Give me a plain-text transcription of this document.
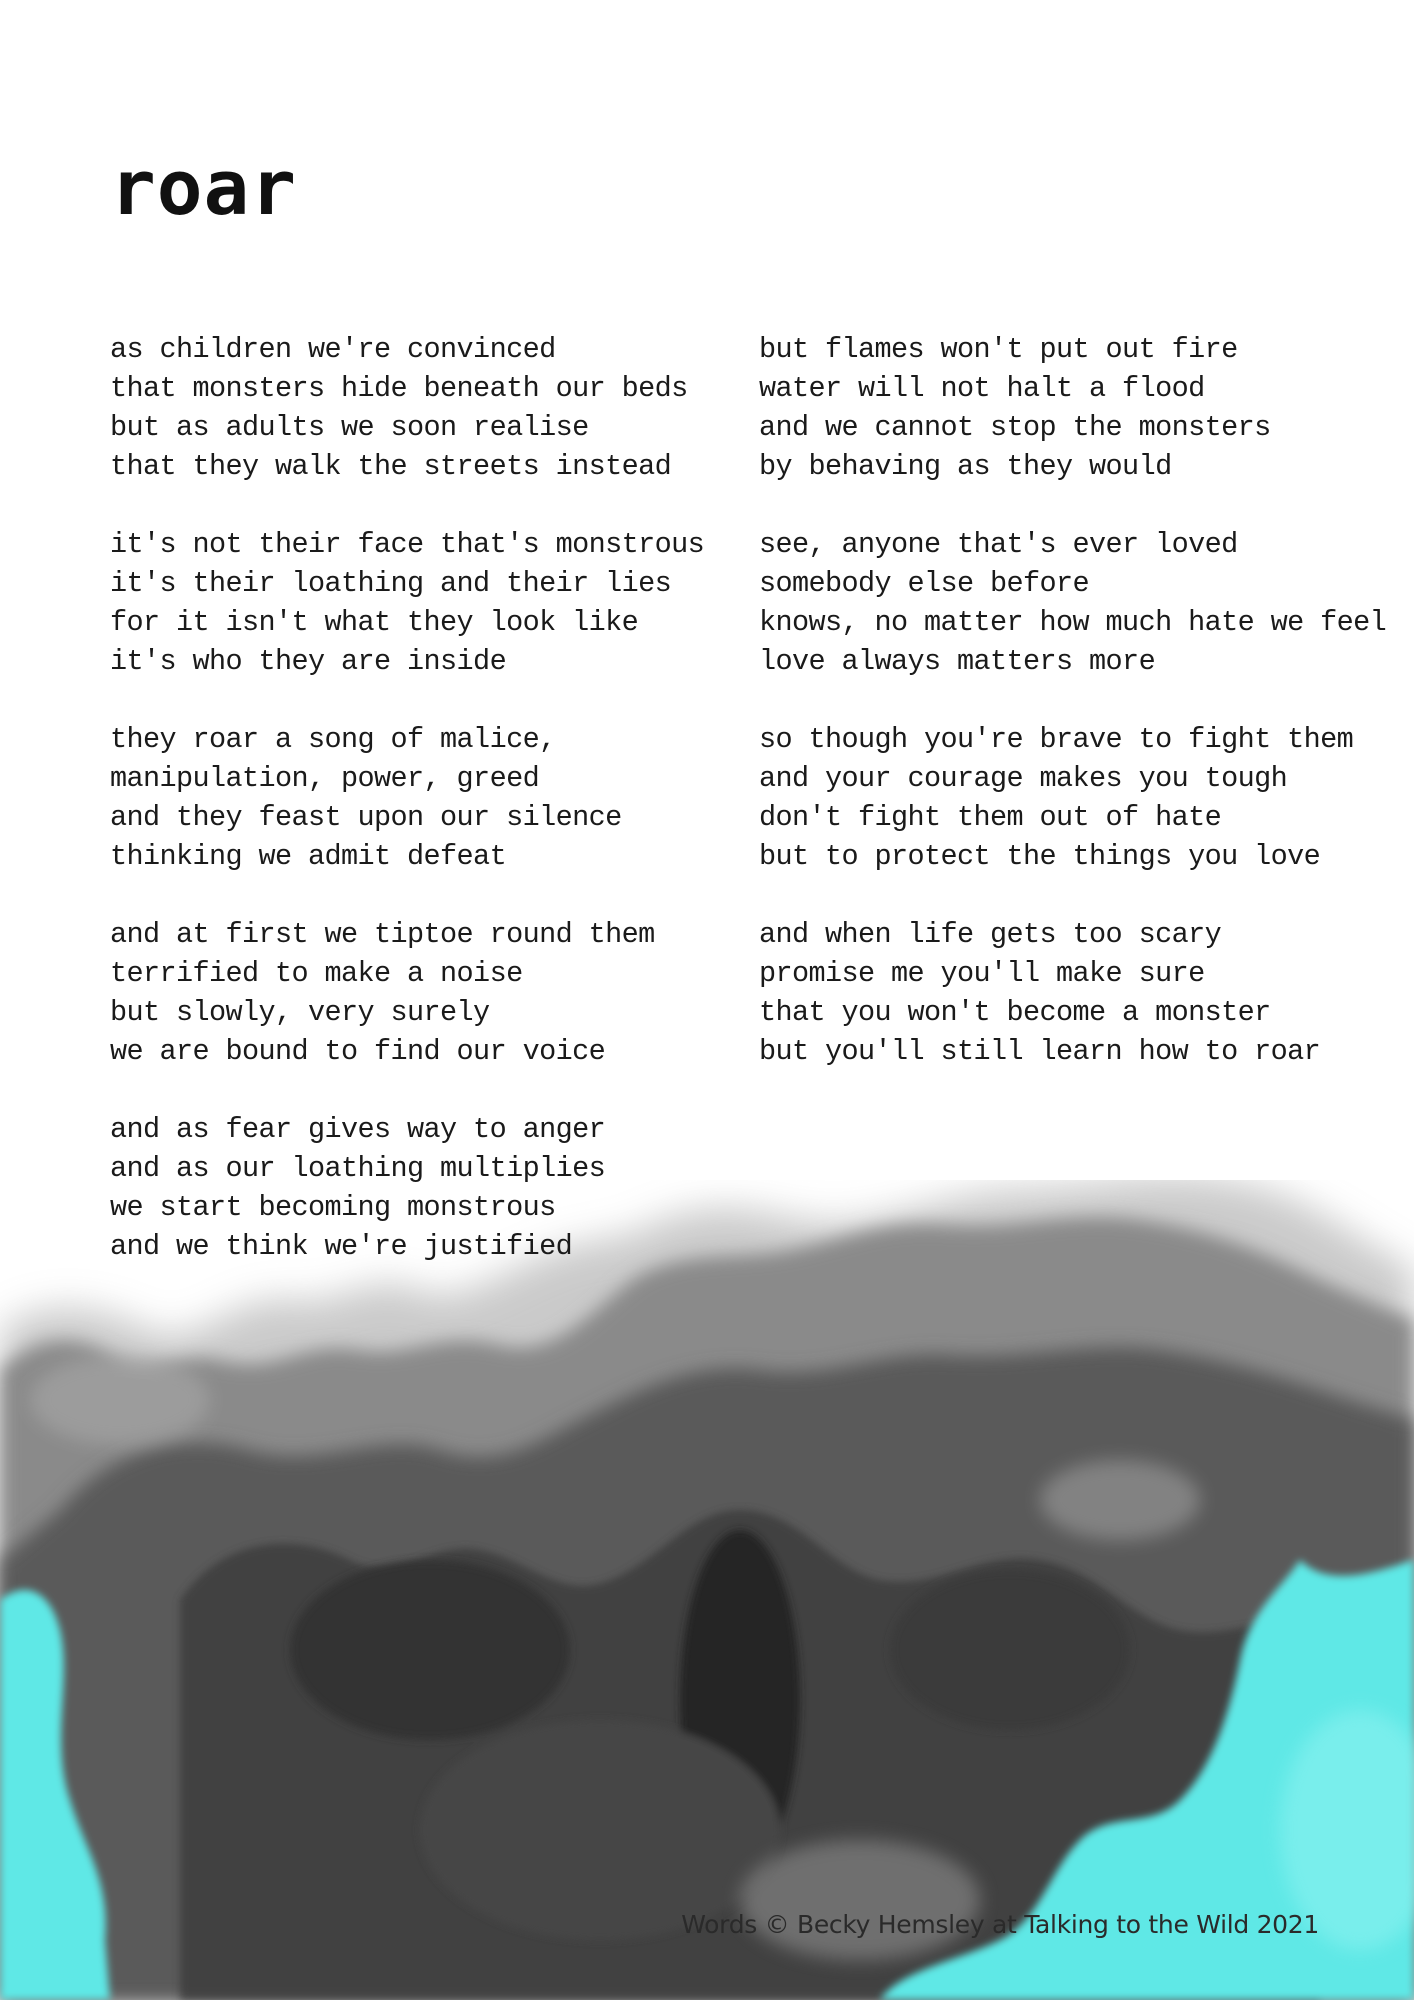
roar
as children we're convinced
that monsters hide beneath our beds
but as adults we soon realise
that they walk the streets instead
it's not their face that's monstrous
it's their loathing and their lies
for it isn't what they look like
it's who they are inside
they roar a song of malice,
manipulation, power, greed
and they feast upon our silence
thinking we admit defeat
and at first we tiptoe round them
terrified to make a noise
but slowly, very surely
we are bound to find our voice
and as fear gives way to anger
and as our loathing multiplies
we start becoming monstrous
and we think we're justified
but flames won't put out fire
water will not halt a flood
and we cannot stop the monsters
by behaving as they would
see, anyone that's ever loved
somebody else before
knows, no matter how much hate we feel
love always matters more
so though you're brave to fight them
and your courage makes you tough
don't fight them out of hate
but to protect the things you love
and when life gets too scary
promise me you'll make sure
that you won't become a monster
but you'll still learn how to roar
Words © Becky Hemsley at Talking to the Wild 2021
